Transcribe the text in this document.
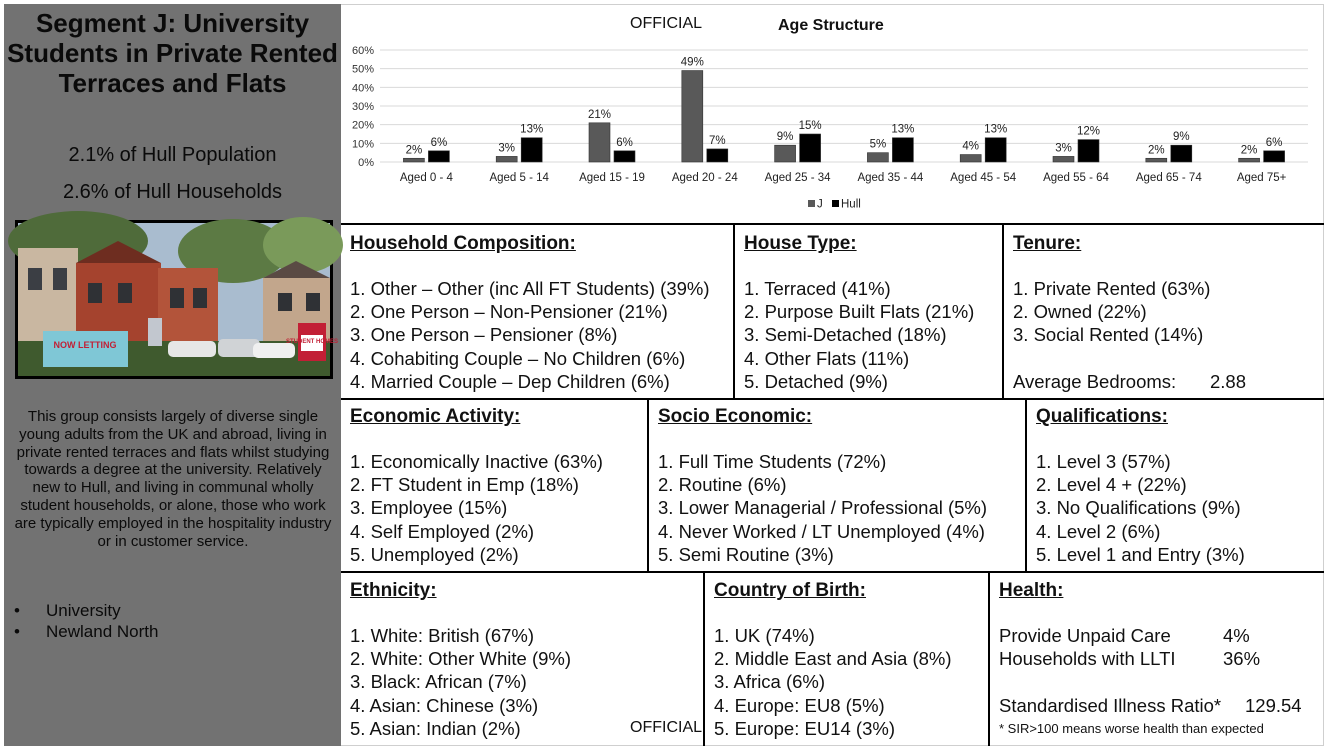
Segment J: University Students in Private Rented Terraces and Flats
2.1% of Hull Population
2.6% of Hull Households
NOW LETTING	STUDENT HOMES
This group consists largely of diverse single young adults from the UK and abroad, living in private rented terraces and flats whilst studying towards a degree at the university. Relatively new to Hull, and living in communal wholly student households, or alone, those who work are typically employed in the hospitality industry or in customer service.
• University
• Newland North
OFFICIAL	Age Structure
0%
10%
20%
30%
40%
50%
60%
Aged 0 - 4
2%
6%
Aged 5 - 14
3%
13%
Aged 15 - 19
21%
6%
Aged 20 - 24
49%
7%
Aged 25 - 34
9%
15%
Aged 35 - 44
5%
13%
Aged 45 - 54
4%
13%
Aged 55 - 64
3%
12%
Aged 65 - 74
2%
9%
Aged 75+
2%
6%
J Hull
Household Composition:
1. Other – Other (inc All FT Students) (39%)
2. One Person – Non-Pensioner (21%)
3. One Person – Pensioner (8%)
4. Cohabiting Couple – No Children (6%)
4. Married Couple – Dep Children (6%)
House Type:
1. Terraced (41%)
2. Purpose Built Flats (21%)
3. Semi-Detached (18%)
4. Other Flats (11%)
5. Detached (9%)
Tenure:
1. Private Rented (63%)
2. Owned (22%)
3. Social Rented (14%)
Average Bedrooms:	2.88
Economic Activity:
1. Economically Inactive (63%)
2. FT Student in Emp (18%)
3. Employee (15%)
4. Self Employed (2%)
5. Unemployed (2%)
Socio Economic:
1. Full Time Students (72%)
2. Routine (6%)
3. Lower Managerial / Professional (5%)
4. Never Worked / LT Unemployed (4%)
5. Semi Routine (3%)
Qualifications:
1. Level 3 (57%)
2. Level 4 + (22%)
3. No Qualifications (9%)
4. Level 2 (6%)
5. Level 1 and Entry (3%)
Ethnicity:
1. White: British (67%)
2. White: Other White (9%)
3. Black: African (7%)
4. Asian: Chinese (3%)
5. Asian: Indian (2%)	OFFICIAL
Country of Birth:
1. UK (74%)
2. Middle East and Asia (8%)
3. Africa (6%)
4. Europe: EU8 (5%)
5. Europe: EU14 (3%)
Health:
Provide Unpaid Care	4%
Households with LLTI	36%
Standardised Illness Ratio*	129.54
* SIR>100 means worse health than expected
